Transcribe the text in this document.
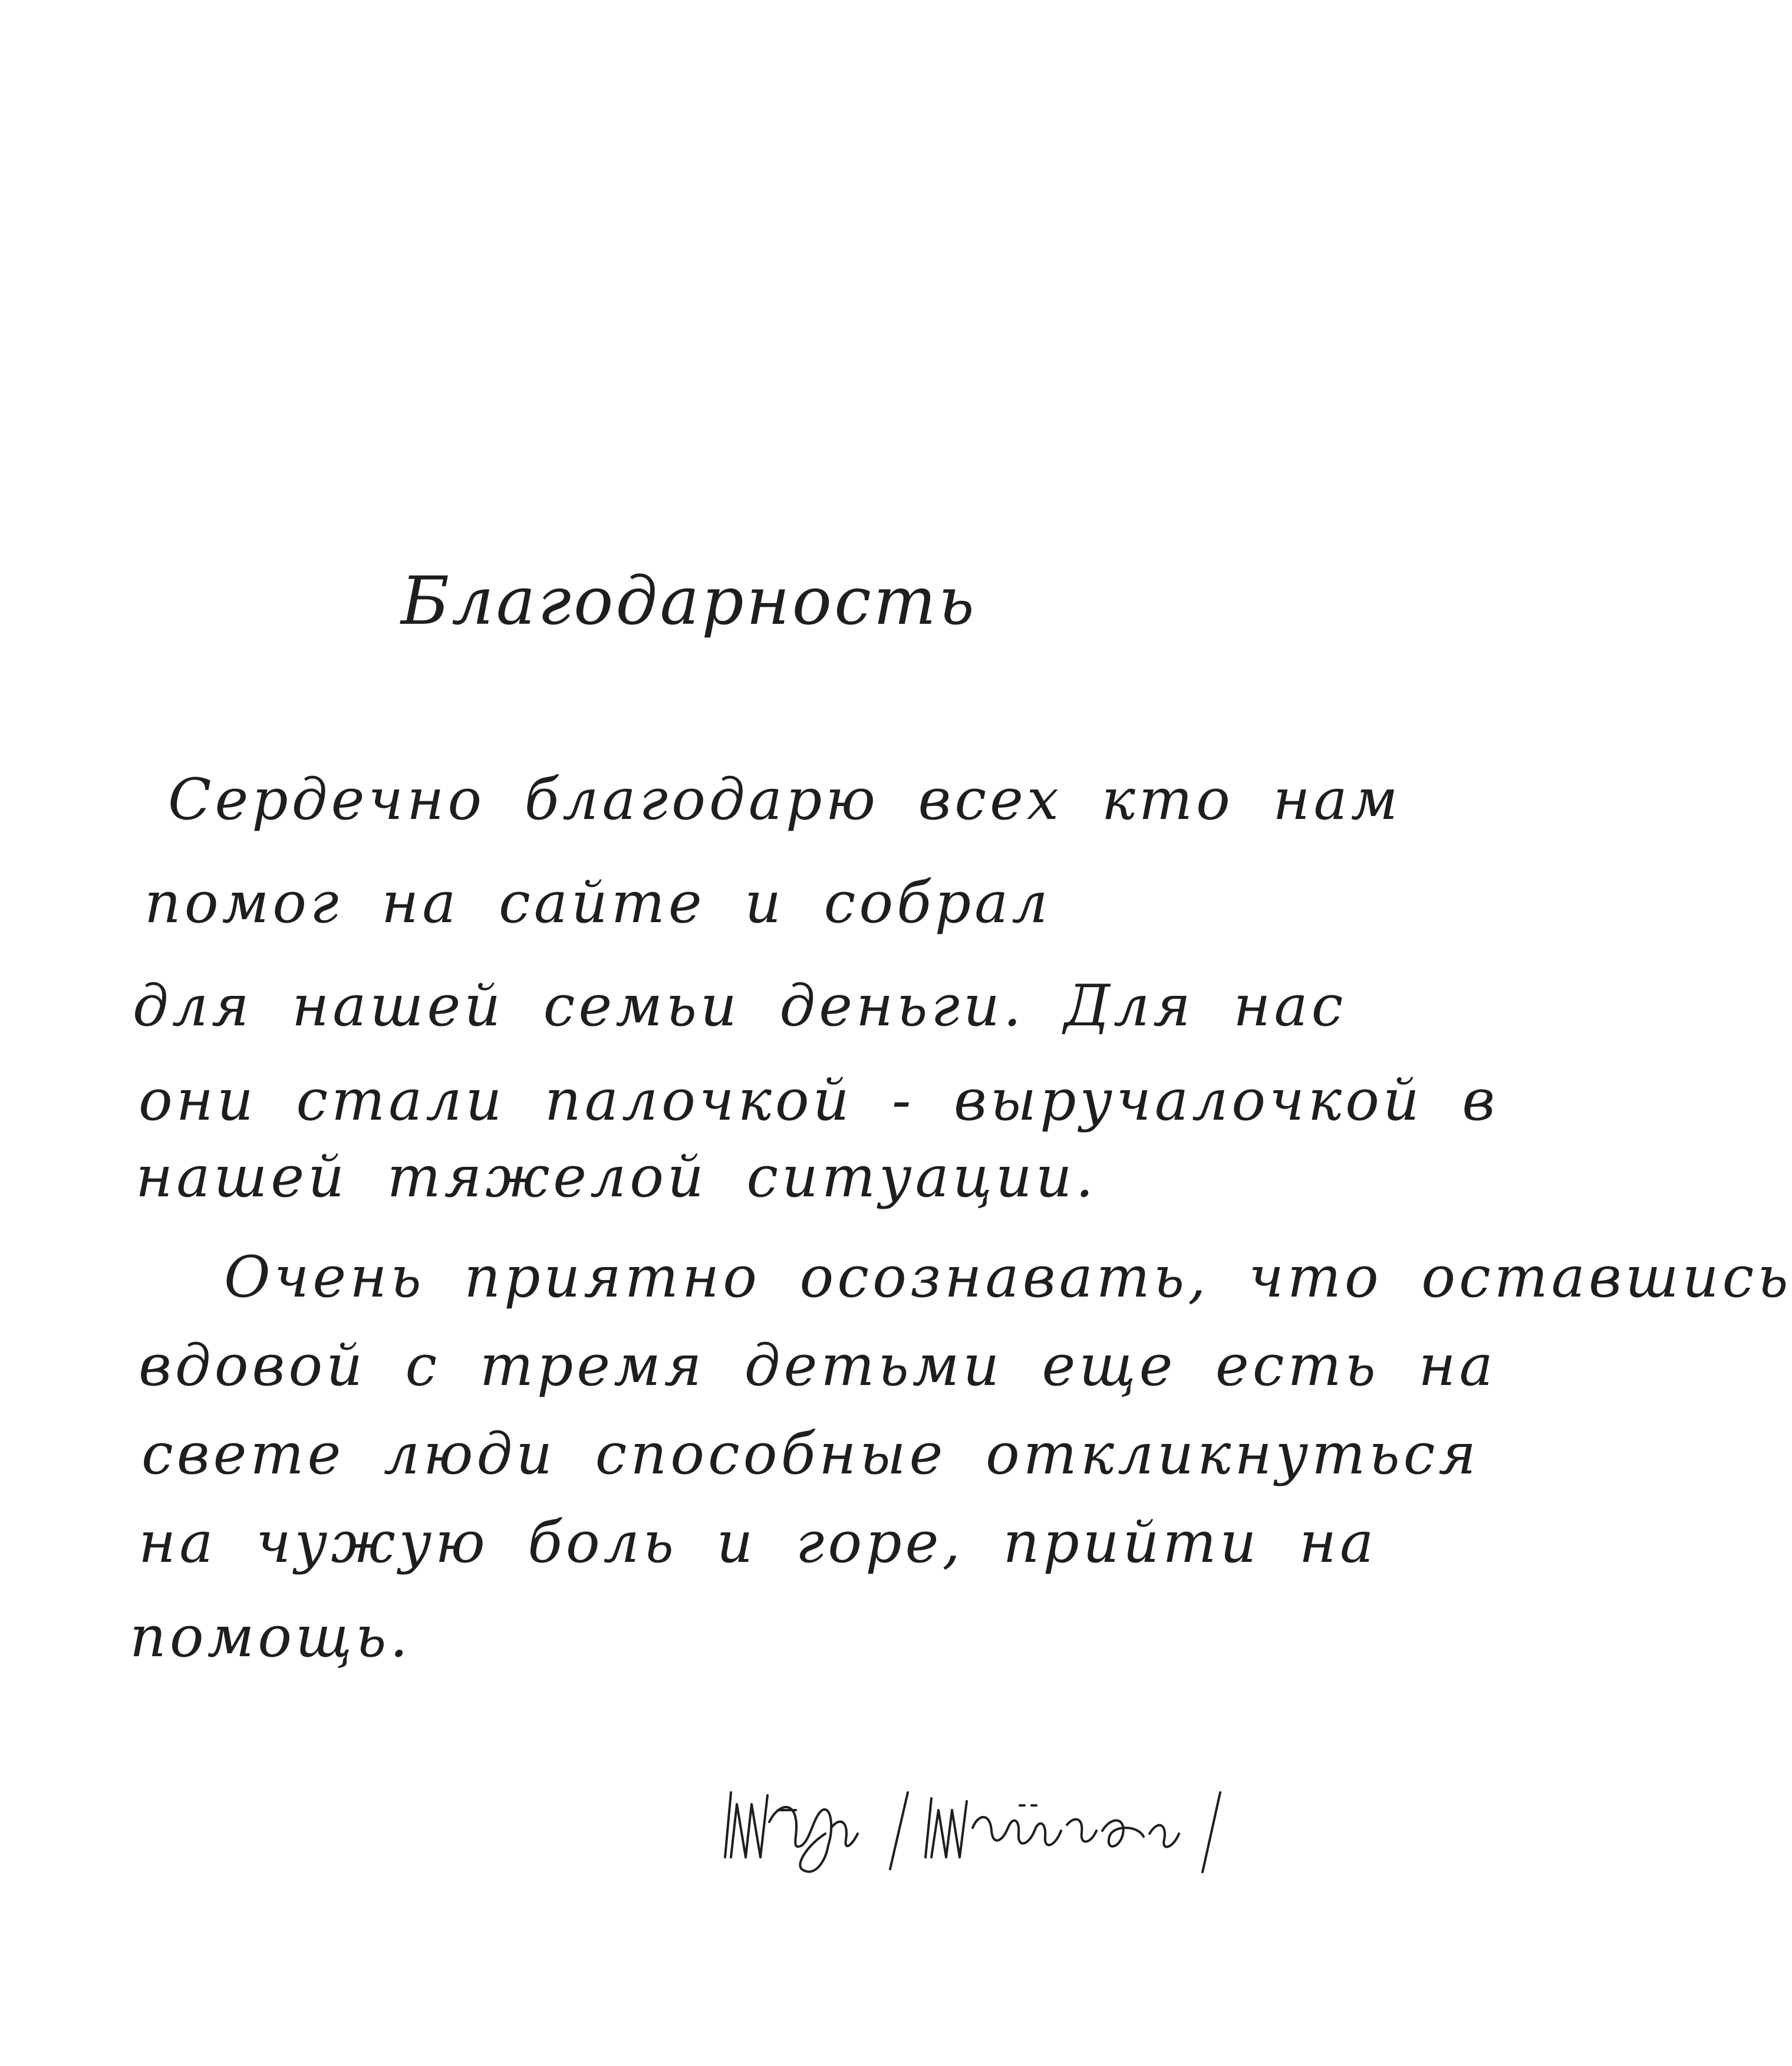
Благодарность
Сердечно благодарю всех кто нам
помог на сайте и собрал
для нашей семьи деньги. Для нас
они стали палочкой - выручалочкой в
нашей тяжелой ситуации.
Очень приятно осознавать, что оставшись
вдовой с тремя детьми еще есть на
свете люди способные откликнуться
на чужую боль и горе, прийти на
помощь.
